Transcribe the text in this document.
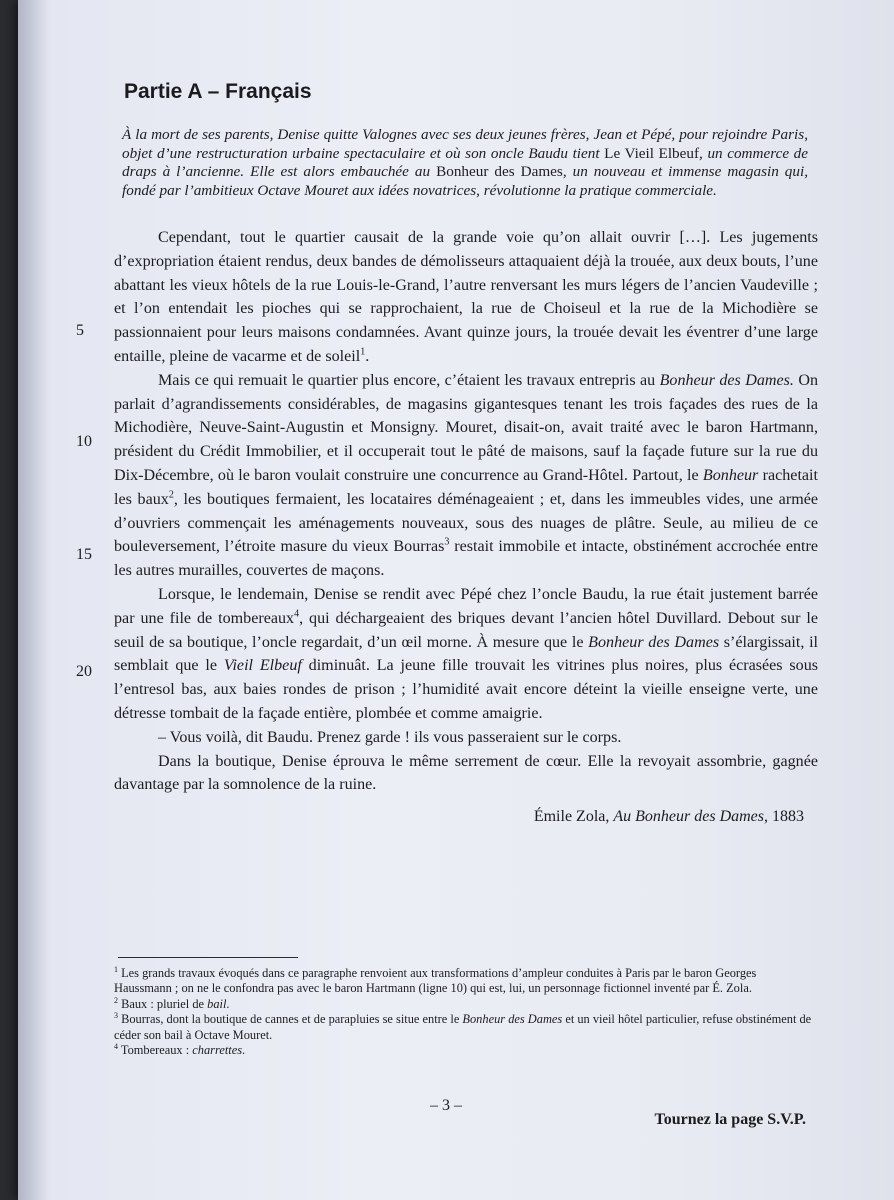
Partie A – Français
À la mort de ses parents, Denise quitte Valognes avec ses deux jeunes frères, Jean et Pépé, pour rejoindre Paris, objet d’une restructuration urbaine spectaculaire et où son oncle Baudu tient Le Vieil Elbeuf, un commerce de draps à l’ancienne. Elle est alors embauchée au Bonheur des Dames, un nouveau et immense magasin qui, fondé par l’ambitieux Octave Mouret aux idées novatrices, révolutionne la pratique commerciale.

Cependant, tout le quartier causait de la grande voie qu’on allait ouvrir […]. Les jugements d’expropriation étaient rendus, deux bandes de démolisseurs attaquaient déjà la trouée, aux deux bouts, l’une abattant les vieux hôtels de la rue Louis-le-Grand, l’autre renversant les murs légers de l’ancien Vaudeville ; et l’on entendait les pioches qui se rapprochaient, la rue de Choiseul et la rue de la Michodière se passionnaient pour leurs maisons condamnées. Avant quinze jours, la trouée devait les éventrer d’une large entaille, pleine de vacarme et de soleil$^1$.

Mais ce qui remuait le quartier plus encore, c’étaient les travaux entrepris au Bonheur des Dames. On parlait d’agrandissements considérables, de magasins gigantesques tenant les trois façades des rues de la Michodière, Neuve-Saint-Augustin et Monsigny. Mouret, disait-on, avait traité avec le baron Hartmann, président du Crédit Immobilier, et il occuperait tout le pâté de maisons, sauf la façade future sur la rue du Dix-Décembre, où le baron voulait construire une concurrence au Grand-Hôtel. Partout, le Bonheur rachetait les baux$^2$, les boutiques fermaient, les locataires déménageaient ; et, dans les immeubles vides, une armée d’ouvriers commençait les aménagements nouveaux, sous des nuages de plâtre. Seule, au milieu de ce bouleversement, l’étroite masure du vieux Bourras$^3$ restait immobile et intacte, obstinément accrochée entre les autres murailles, couvertes de maçons.

Lorsque, le lendemain, Denise se rendit avec Pépé chez l’oncle Baudu, la rue était justement barrée par une file de tombereaux$^4$, qui déchargeaient des briques devant l’ancien hôtel Duvillard. Debout sur le seuil de sa boutique, l’oncle regardait, d’un œil morne. À mesure que le Bonheur des Dames s’élargissait, il semblait que le Vieil Elbeuf diminuât. La jeune fille trouvait les vitrines plus noires, plus écrasées sous l’entresol bas, aux baies rondes de prison ; l’humidité avait encore déteint la vieille enseigne verte, une détresse tombait de la façade entière, plombée et comme amaigrie.

– Vous voilà, dit Baudu. Prenez garde ! ils vous passeraient sur le corps.

Dans la boutique, Denise éprouva le même serrement de cœur. Elle la revoyait assombrie, gagnée davantage par la somnolence de la ruine.

5
10
15
20
Émile Zola, Au Bonheur des Dames, 1883
$^1$ Les grands travaux évoqués dans ce paragraphe renvoient aux transformations d’ampleur conduites à Paris par le baron Georges Haussmann ; on ne le confondra pas avec le baron Hartmann (ligne 10) qui est, lui, un personnage fictionnel inventé par É. Zola.
$^2$ Baux : pluriel de bail.
$^3$ Bourras, dont la boutique de cannes et de parapluies se situe entre le Bonheur des Dames et un vieil hôtel particulier, refuse obstinément de céder son bail à Octave Mouret.
$^4$ Tombereaux : charrettes.
– 3 –
Tournez la page S.V.P.
